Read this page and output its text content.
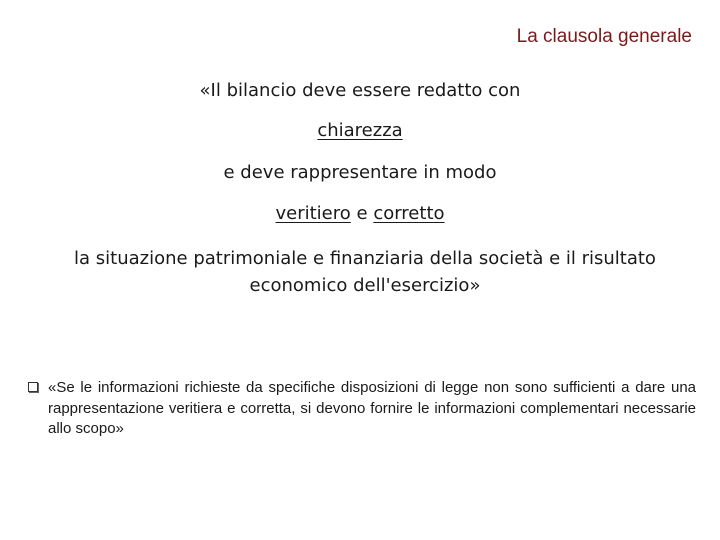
La clausola generale
«Il bilancio deve essere redatto con
chiarezza
e deve rappresentare in modo
veritiero e corretto
la situazione patrimoniale e finanziaria della società e il risultato economico dell'esercizio»
«Se le informazioni richieste da specifiche disposizioni di legge non sono sufficienti a dare una rappresentazione veritiera e corretta, si devono fornire le informazioni complementari necessarie allo scopo»
